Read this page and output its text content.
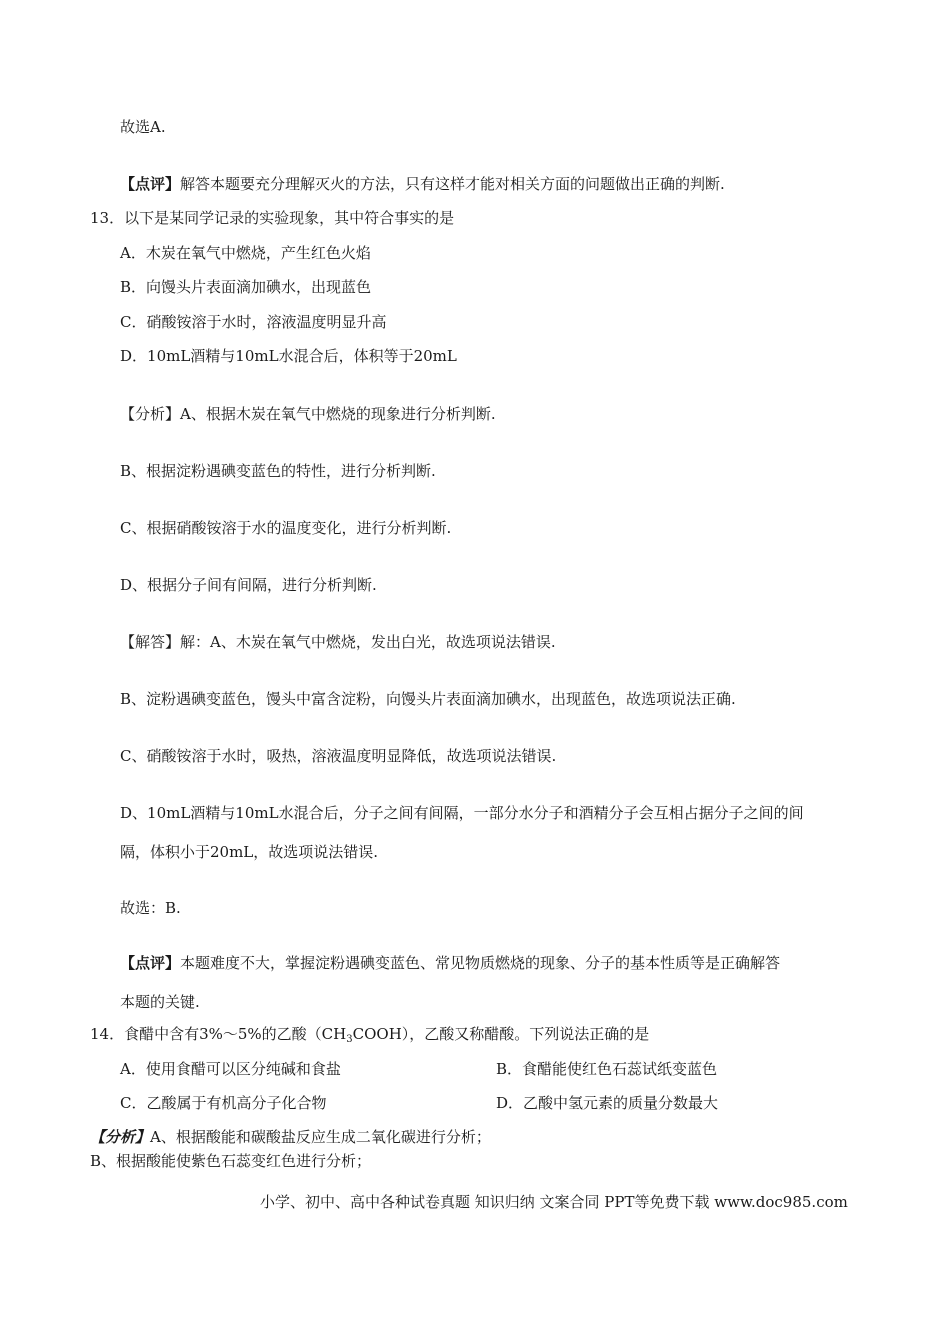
故选A.
【点评】解答本题要充分理解灭火的方法，只有这样才能对相关方面的问题做出正确的判断.
13．以下是某同学记录的实验现象，其中符合事实的是
A．木炭在氧气中燃烧，产生红色火焰
B．向馒头片表面滴加碘水，出现蓝色
C．硝酸铵溶于水时，溶液温度明显升高
D．10mL酒精与10mL水混合后，体积等于20mL
【分析】A、根据木炭在氧气中燃烧的现象进行分析判断.
B、根据淀粉遇碘变蓝色的特性，进行分析判断.
C、根据硝酸铵溶于水的温度变化，进行分析判断.
D、根据分子间有间隔，进行分析判断.
【解答】解：A、木炭在氧气中燃烧，发出白光，故选项说法错误.
B、淀粉遇碘变蓝色，馒头中富含淀粉，向馒头片表面滴加碘水，出现蓝色，故选项说法正确.
C、硝酸铵溶于水时，吸热，溶液温度明显降低，故选项说法错误.
D、10mL酒精与10mL水混合后，分子之间有间隔，一部分水分子和酒精分子会互相占据分子之间的间
隔，体积小于20mL，故选项说法错误.
故选：B.
【点评】本题难度不大，掌握淀粉遇碘变蓝色、常见物质燃烧的现象、分子的基本性质等是正确解答
本题的关键.
14．食醋中含有3%～5%的乙酸$(CH_3COOH)$，乙酸又称醋酸。下列说法正确的是
A．使用食醋可以区分纯碱和食盐	B．食醋能使红色石蕊试纸变蓝色
C．乙酸属于有机高分子化合物	D．乙酸中氢元素的质量分数最大
【分析】A、根据酸能和碳酸盐反应生成二氧化碳进行分析；
B、根据酸能使紫色石蕊变红色进行分析；
小学、初中、高中各种试卷真题 知识归纳 文案合同 PPT等免费下载 www.doc985.com
